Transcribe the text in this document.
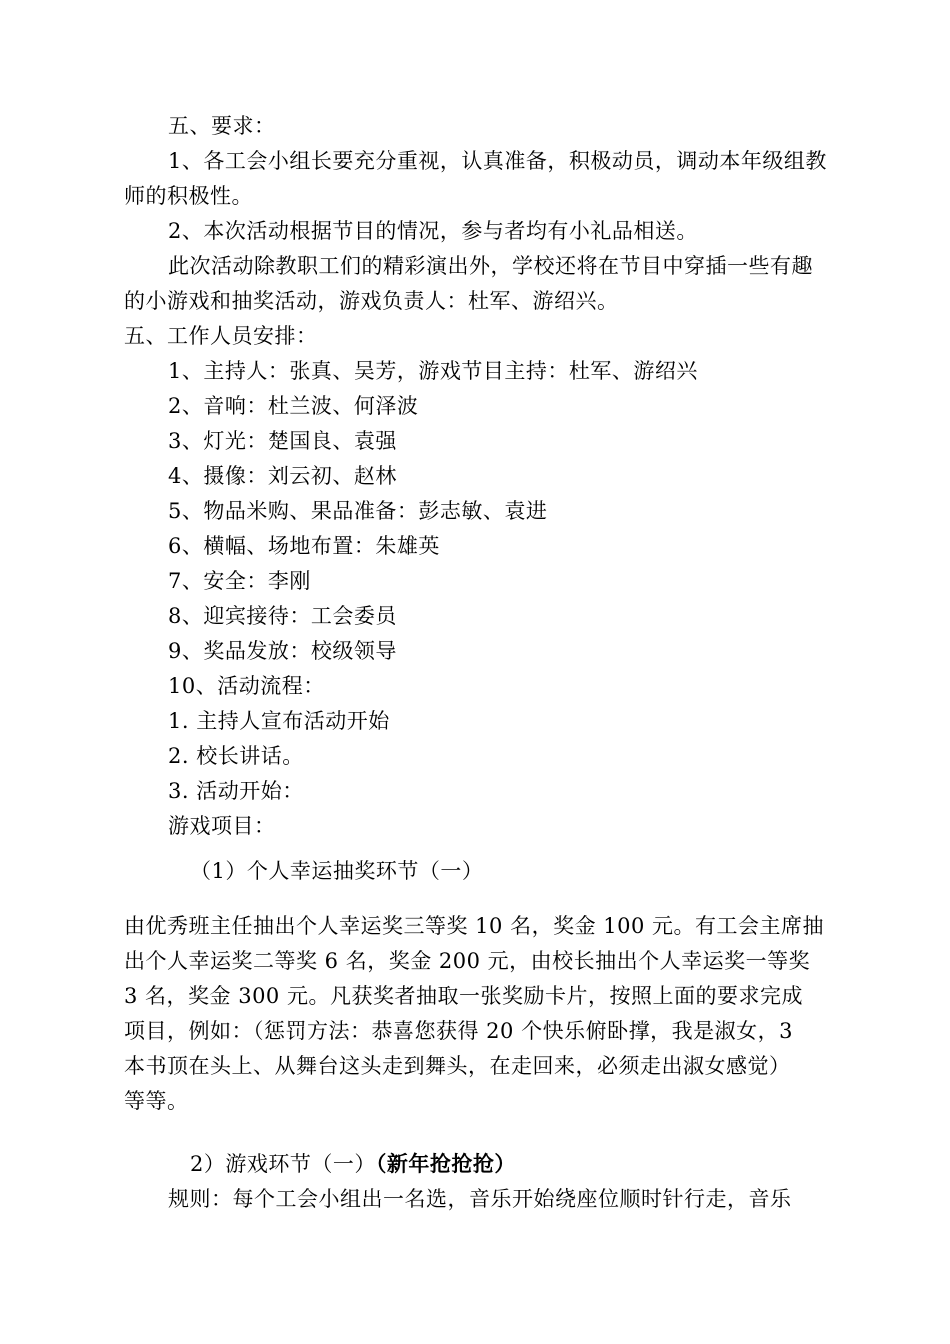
五、要求：
1、各工会小组长要充分重视，认真准备，积极动员，调动本年级组教
师的积极性。
2、本次活动根据节目的情况，参与者均有小礼品相送。
此次活动除教职工们的精彩演出外，学校还将在节目中穿插一些有趣
的小游戏和抽奖活动，游戏负责人：杜军、游绍兴。
五、工作人员安排：
1、主持人：张真、吴芳，游戏节目主持：杜军、游绍兴
2、音响：杜兰波、何泽波
3、灯光：楚国良、袁强
4、摄像：刘云初、赵林
5、物品米购、果品准备：彭志敏、袁进
6、横幅、场地布置：朱雄英
7、安全：李刚
8、迎宾接待：工会委员
9、奖品发放：校级领导
10、活动流程：
1. 主持人宣布活动开始
2. 校长讲话。
3. 活动开始：
游戏项目：
（1）个人幸运抽奖环节（一）
由优秀班主任抽出个人幸运奖三等奖 10 名，奖金 100 元。有工会主席抽
出个人幸运奖二等奖 6 名，奖金 200 元，由校长抽出个人幸运奖一等奖
3 名，奖金 300 元。凡获奖者抽取一张奖励卡片，按照上面的要求完成
项目，例如：（惩罚方法：恭喜您获得 20 个快乐俯卧撑，我是淑女，3
本书顶在头上、从舞台这头走到舞头，在走回来，必须走出淑女感觉）
等等。
2）游戏环节（一）（新年抢抢抢）
规则：每个工会小组出一名选，音乐开始绕座位顺时针行走，音乐
